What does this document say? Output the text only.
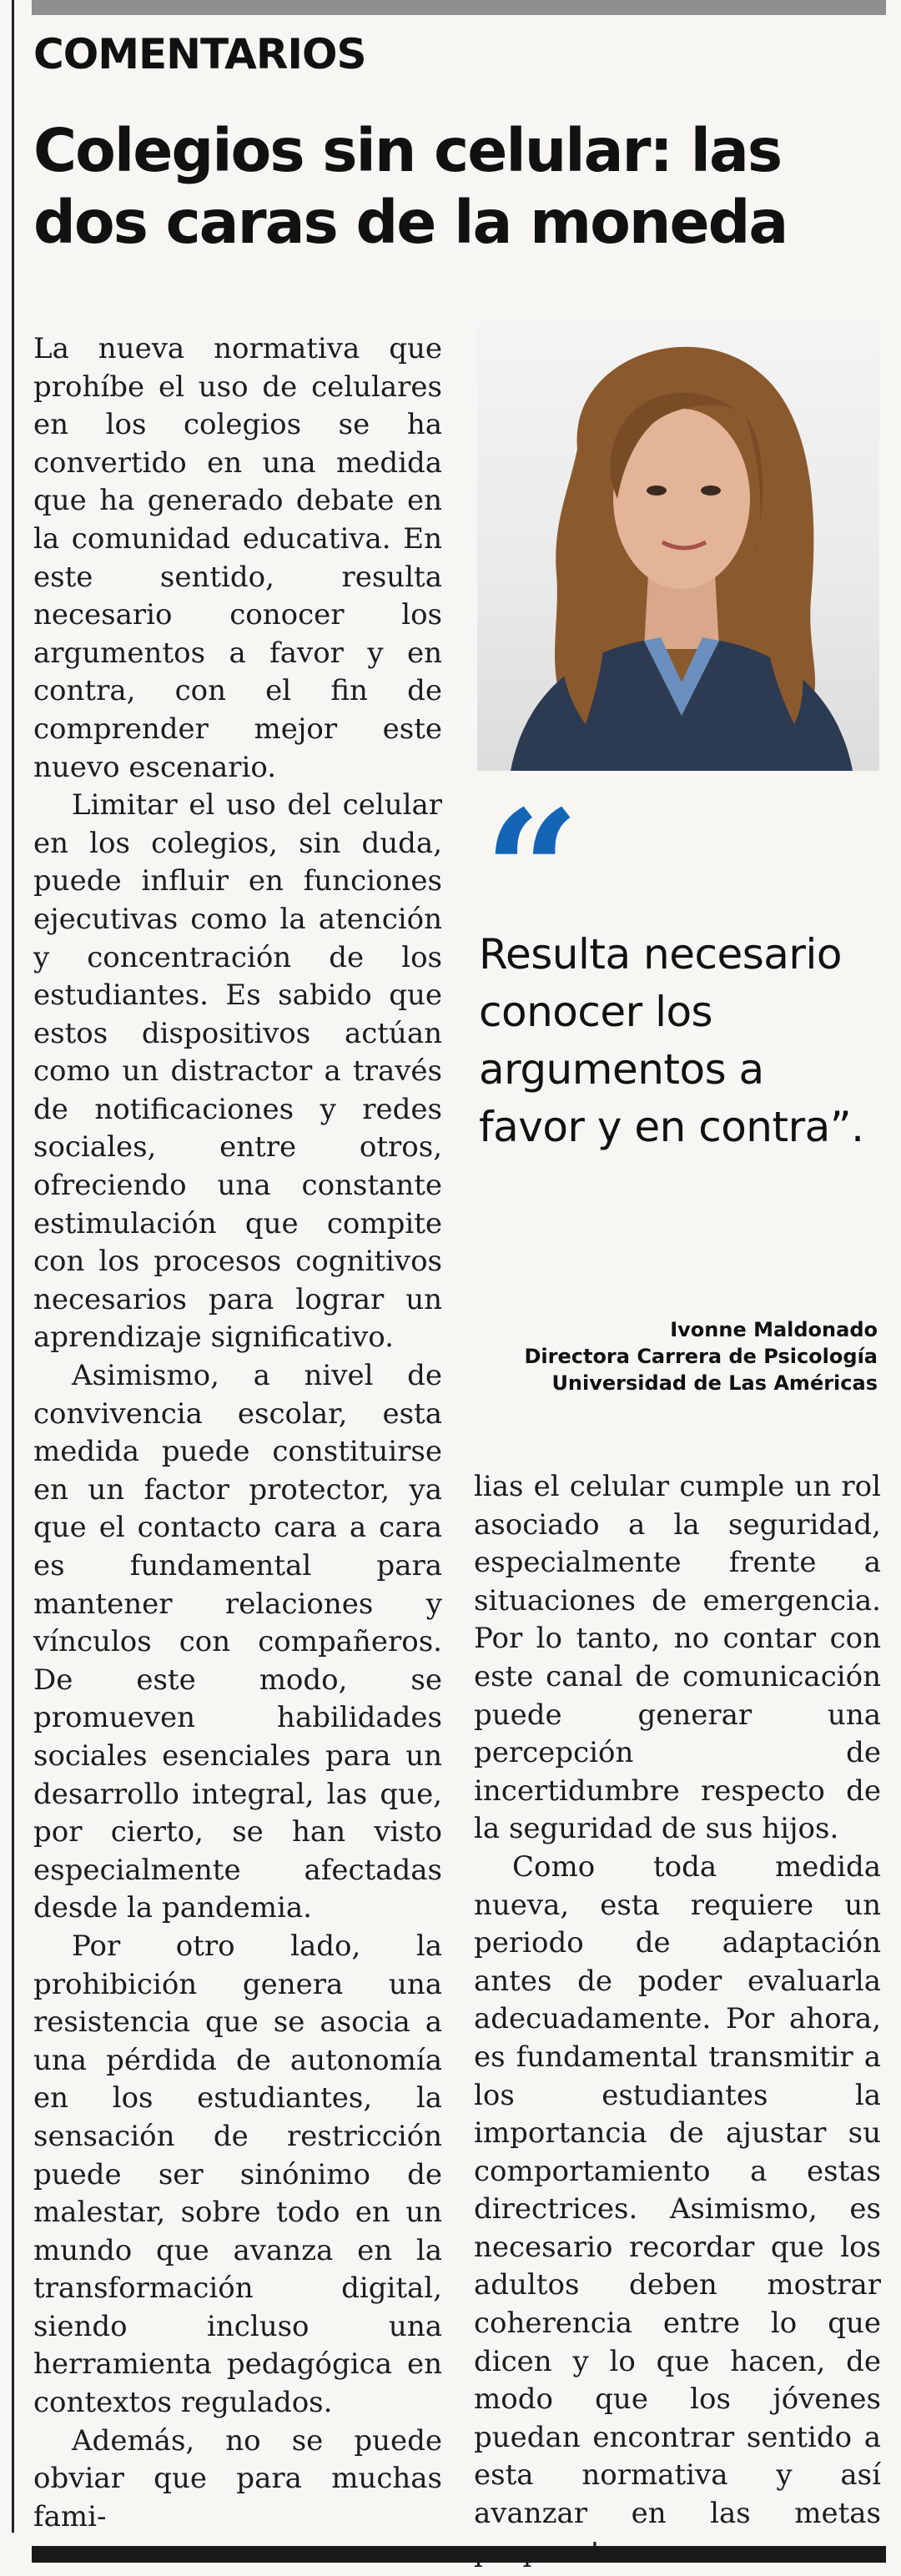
COMENTARIOS
Colegios sin celular: las dos caras de la moneda

La nueva normativa que prohíbe el uso de celulares en los colegios se ha convertido en una medida que ha generado debate en la comunidad educativa. En este sentido, resulta necesario conocer los argumentos a favor y en contra, con el fin de comprender mejor este nuevo escenario.

Limitar el uso del celular en los colegios, sin duda, puede influir en funciones ejecutivas como la atención y concentración de los estudiantes. Es sabido que estos dispositivos actúan como un distractor a través de notificaciones y redes sociales, entre otros, ofreciendo una constante estimulación que compite con los procesos cognitivos necesarios para lograr un aprendizaje significativo.

Asimismo, a nivel de convivencia escolar, esta medida puede constituirse en un factor protector, ya que el contacto cara a cara es fundamental para mantener relaciones y vínculos con compañeros. De este modo, se promueven habilidades sociales esenciales para un desarrollo integral, las que, por cierto, se han visto especialmente afectadas desde la pandemia.

Por otro lado, la prohibición genera una resistencia que se asocia a una pérdida de autonomía en los estudiantes, la sensación de restricción puede ser sinónimo de malestar, sobre todo en un mundo que avanza en la transformación digital, siendo incluso una herramienta pedagógica en contextos regulados.

Además, no se puede obviar que para muchas fami-

“
Resulta necesario conocer los argumentos a favor y en contra”.
Ivonne Maldonado
Directora Carrera de Psicología
Universidad de Las Américas

lias el celular cumple un rol asociado a la seguridad, especialmente frente a situaciones de emergencia. Por lo tanto, no contar con este canal de comunicación puede generar una percepción de incertidumbre respecto de la seguridad de sus hijos.

Como toda medida nueva, esta requiere un periodo de adaptación antes de poder evaluarla adecuadamente. Por ahora, es fundamental transmitir a los estudiantes la importancia de ajustar su comportamiento a estas directrices. Asimismo, es necesario recordar que los adultos deben mostrar coherencia entre lo que dicen y lo que hacen, de modo que los jóvenes puedan encontrar sentido a esta normativa y así avanzar en las metas
